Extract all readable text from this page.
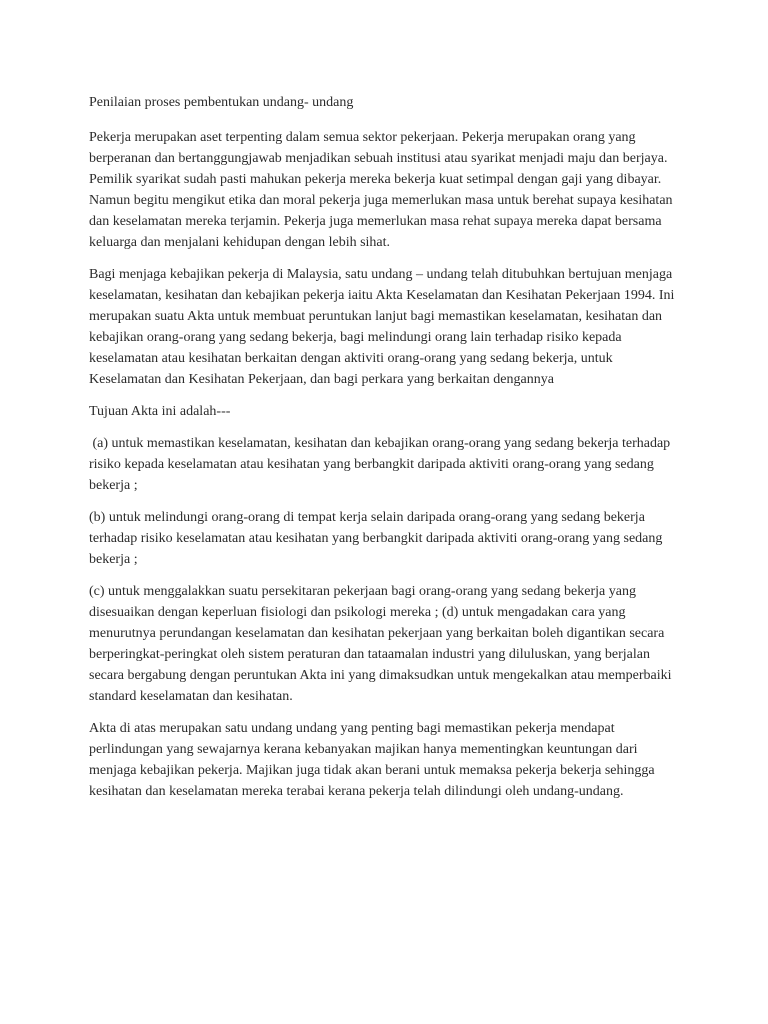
Penilaian proses pembentukan undang- undang

Pekerja merupakan aset terpenting dalam semua sektor pekerjaan. Pekerja merupakan orang yang berperanan dan bertanggungjawab menjadikan sebuah institusi atau syarikat menjadi maju dan berjaya. Pemilik syarikat sudah pasti mahukan pekerja mereka bekerja kuat setimpal dengan gaji yang dibayar. Namun begitu mengikut etika dan moral pekerja juga memerlukan masa untuk berehat supaya kesihatan dan keselamatan mereka terjamin. Pekerja juga memerlukan masa rehat supaya mereka dapat bersama keluarga dan menjalani kehidupan dengan lebih sihat.

Bagi menjaga kebajikan pekerja di Malaysia, satu undang – undang telah ditubuhkan bertujuan menjaga keselamatan, kesihatan dan kebajikan pekerja iaitu Akta Keselamatan dan Kesihatan Pekerjaan 1994. Ini merupakan suatu Akta untuk membuat peruntukan lanjut bagi memastikan keselamatan, kesihatan dan kebajikan orang-orang yang sedang bekerja, bagi melindungi orang lain terhadap risiko kepada keselamatan atau kesihatan berkaitan dengan aktiviti orang-orang yang sedang bekerja, untuk Keselamatan dan Kesihatan Pekerjaan, dan bagi perkara yang berkaitan dengannya

Tujuan Akta ini adalah---

(a) untuk memastikan keselamatan, kesihatan dan kebajikan orang-orang yang sedang bekerja terhadap risiko kepada keselamatan atau kesihatan yang berbangkit daripada aktiviti orang-orang yang sedang bekerja ;

(b) untuk melindungi orang-orang di tempat kerja selain daripada orang-orang yang sedang bekerja terhadap risiko keselamatan atau kesihatan yang berbangkit daripada aktiviti orang-orang yang sedang bekerja ;

(c) untuk menggalakkan suatu persekitaran pekerjaan bagi orang-orang yang sedang bekerja yang disesuaikan dengan keperluan fisiologi dan psikologi mereka ; (d) untuk mengadakan cara yang menurutnya perundangan keselamatan dan kesihatan pekerjaan yang berkaitan boleh digantikan secara berperingkat-peringkat oleh sistem peraturan dan tataamalan industri yang diluluskan, yang berjalan secara bergabung dengan peruntukan Akta ini yang dimaksudkan untuk mengekalkan atau memperbaiki standard keselamatan dan kesihatan.

Akta di atas merupakan satu undang undang yang penting bagi memastikan pekerja mendapat perlindungan yang sewajarnya kerana kebanyakan majikan hanya mementingkan keuntungan dari menjaga kebajikan pekerja. Majikan juga tidak akan berani untuk memaksa pekerja bekerja sehingga kesihatan dan keselamatan mereka terabai kerana pekerja telah dilindungi oleh undang-undang.
